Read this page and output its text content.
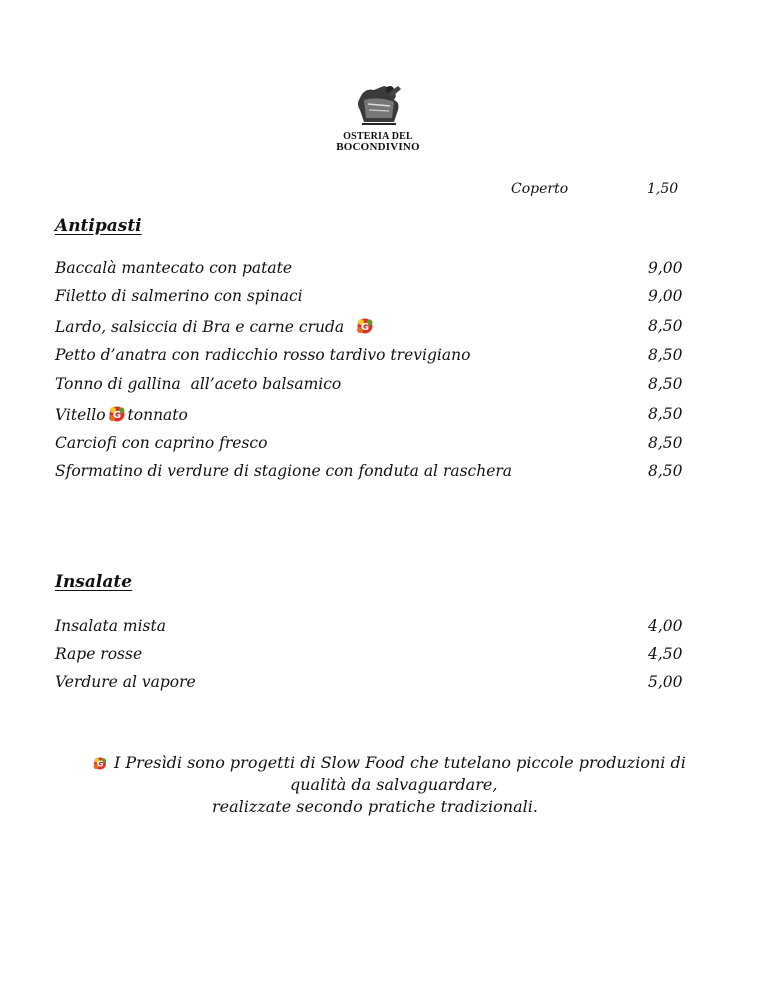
OSTERIA DEL
BOCONDIVINO
Coperto	1,50
Antipasti
Baccalà mantecato con patate	9,00
Filetto di salmerino con spinaci	9,00
Lardo, salsiccia di Bra e carne cruda G	8,50
Petto d’anatra con radicchio rosso tardivo trevigiano	8,50
Tonno di gallina  all’aceto balsamico	8,50
Vitello G tonnato	8,50
Carciofi con caprino fresco	8,50
Sformatino di verdure di stagione con fonduta al raschera	8,50
Insalate
Insalata mista	4,00
Rape rosse	4,50
Verdure al vapore	5,00
G I Presìdi sono progetti di Slow Food che tutelano piccole produzioni di
qualità da salvaguardare,
realizzate secondo pratiche tradizionali.
